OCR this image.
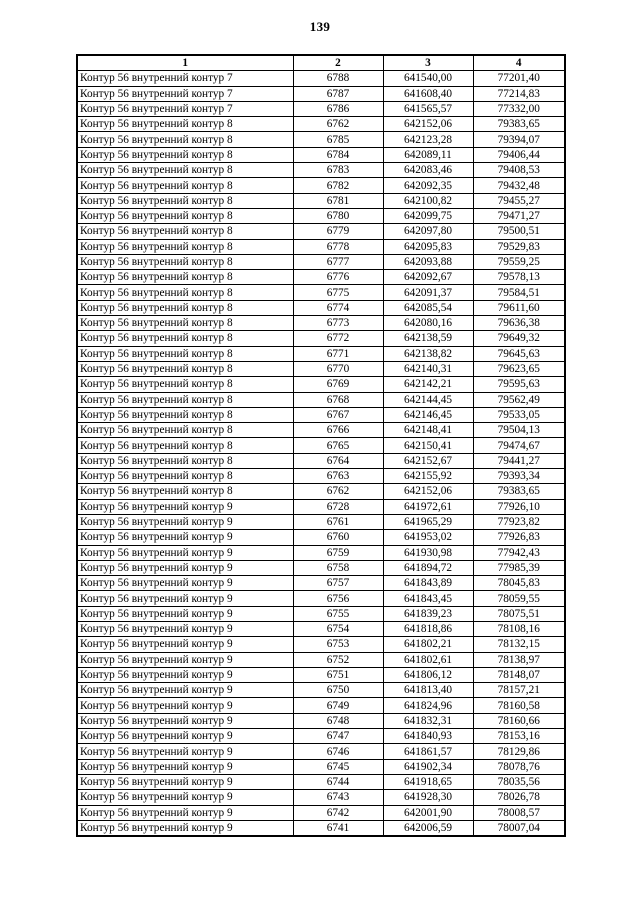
139
1	2	3	4
Контур 56 внутренний контур 7	6788	641540,00	77201,40
Контур 56 внутренний контур 7	6787	641608,40	77214,83
Контур 56 внутренний контур 7	6786	641565,57	77332,00
Контур 56 внутренний контур 8	6762	642152,06	79383,65
Контур 56 внутренний контур 8	6785	642123,28	79394,07
Контур 56 внутренний контур 8	6784	642089,11	79406,44
Контур 56 внутренний контур 8	6783	642083,46	79408,53
Контур 56 внутренний контур 8	6782	642092,35	79432,48
Контур 56 внутренний контур 8	6781	642100,82	79455,27
Контур 56 внутренний контур 8	6780	642099,75	79471,27
Контур 56 внутренний контур 8	6779	642097,80	79500,51
Контур 56 внутренний контур 8	6778	642095,83	79529,83
Контур 56 внутренний контур 8	6777	642093,88	79559,25
Контур 56 внутренний контур 8	6776	642092,67	79578,13
Контур 56 внутренний контур 8	6775	642091,37	79584,51
Контур 56 внутренний контур 8	6774	642085,54	79611,60
Контур 56 внутренний контур 8	6773	642080,16	79636,38
Контур 56 внутренний контур 8	6772	642138,59	79649,32
Контур 56 внутренний контур 8	6771	642138,82	79645,63
Контур 56 внутренний контур 8	6770	642140,31	79623,65
Контур 56 внутренний контур 8	6769	642142,21	79595,63
Контур 56 внутренний контур 8	6768	642144,45	79562,49
Контур 56 внутренний контур 8	6767	642146,45	79533,05
Контур 56 внутренний контур 8	6766	642148,41	79504,13
Контур 56 внутренний контур 8	6765	642150,41	79474,67
Контур 56 внутренний контур 8	6764	642152,67	79441,27
Контур 56 внутренний контур 8	6763	642155,92	79393,34
Контур 56 внутренний контур 8	6762	642152,06	79383,65
Контур 56 внутренний контур 9	6728	641972,61	77926,10
Контур 56 внутренний контур 9	6761	641965,29	77923,82
Контур 56 внутренний контур 9	6760	641953,02	77926,83
Контур 56 внутренний контур 9	6759	641930,98	77942,43
Контур 56 внутренний контур 9	6758	641894,72	77985,39
Контур 56 внутренний контур 9	6757	641843,89	78045,83
Контур 56 внутренний контур 9	6756	641843,45	78059,55
Контур 56 внутренний контур 9	6755	641839,23	78075,51
Контур 56 внутренний контур 9	6754	641818,86	78108,16
Контур 56 внутренний контур 9	6753	641802,21	78132,15
Контур 56 внутренний контур 9	6752	641802,61	78138,97
Контур 56 внутренний контур 9	6751	641806,12	78148,07
Контур 56 внутренний контур 9	6750	641813,40	78157,21
Контур 56 внутренний контур 9	6749	641824,96	78160,58
Контур 56 внутренний контур 9	6748	641832,31	78160,66
Контур 56 внутренний контур 9	6747	641840,93	78153,16
Контур 56 внутренний контур 9	6746	641861,57	78129,86
Контур 56 внутренний контур 9	6745	641902,34	78078,76
Контур 56 внутренний контур 9	6744	641918,65	78035,56
Контур 56 внутренний контур 9	6743	641928,30	78026,78
Контур 56 внутренний контур 9	6742	642001,90	78008,57
Контур 56 внутренний контур 9	6741	642006,59	78007,04
